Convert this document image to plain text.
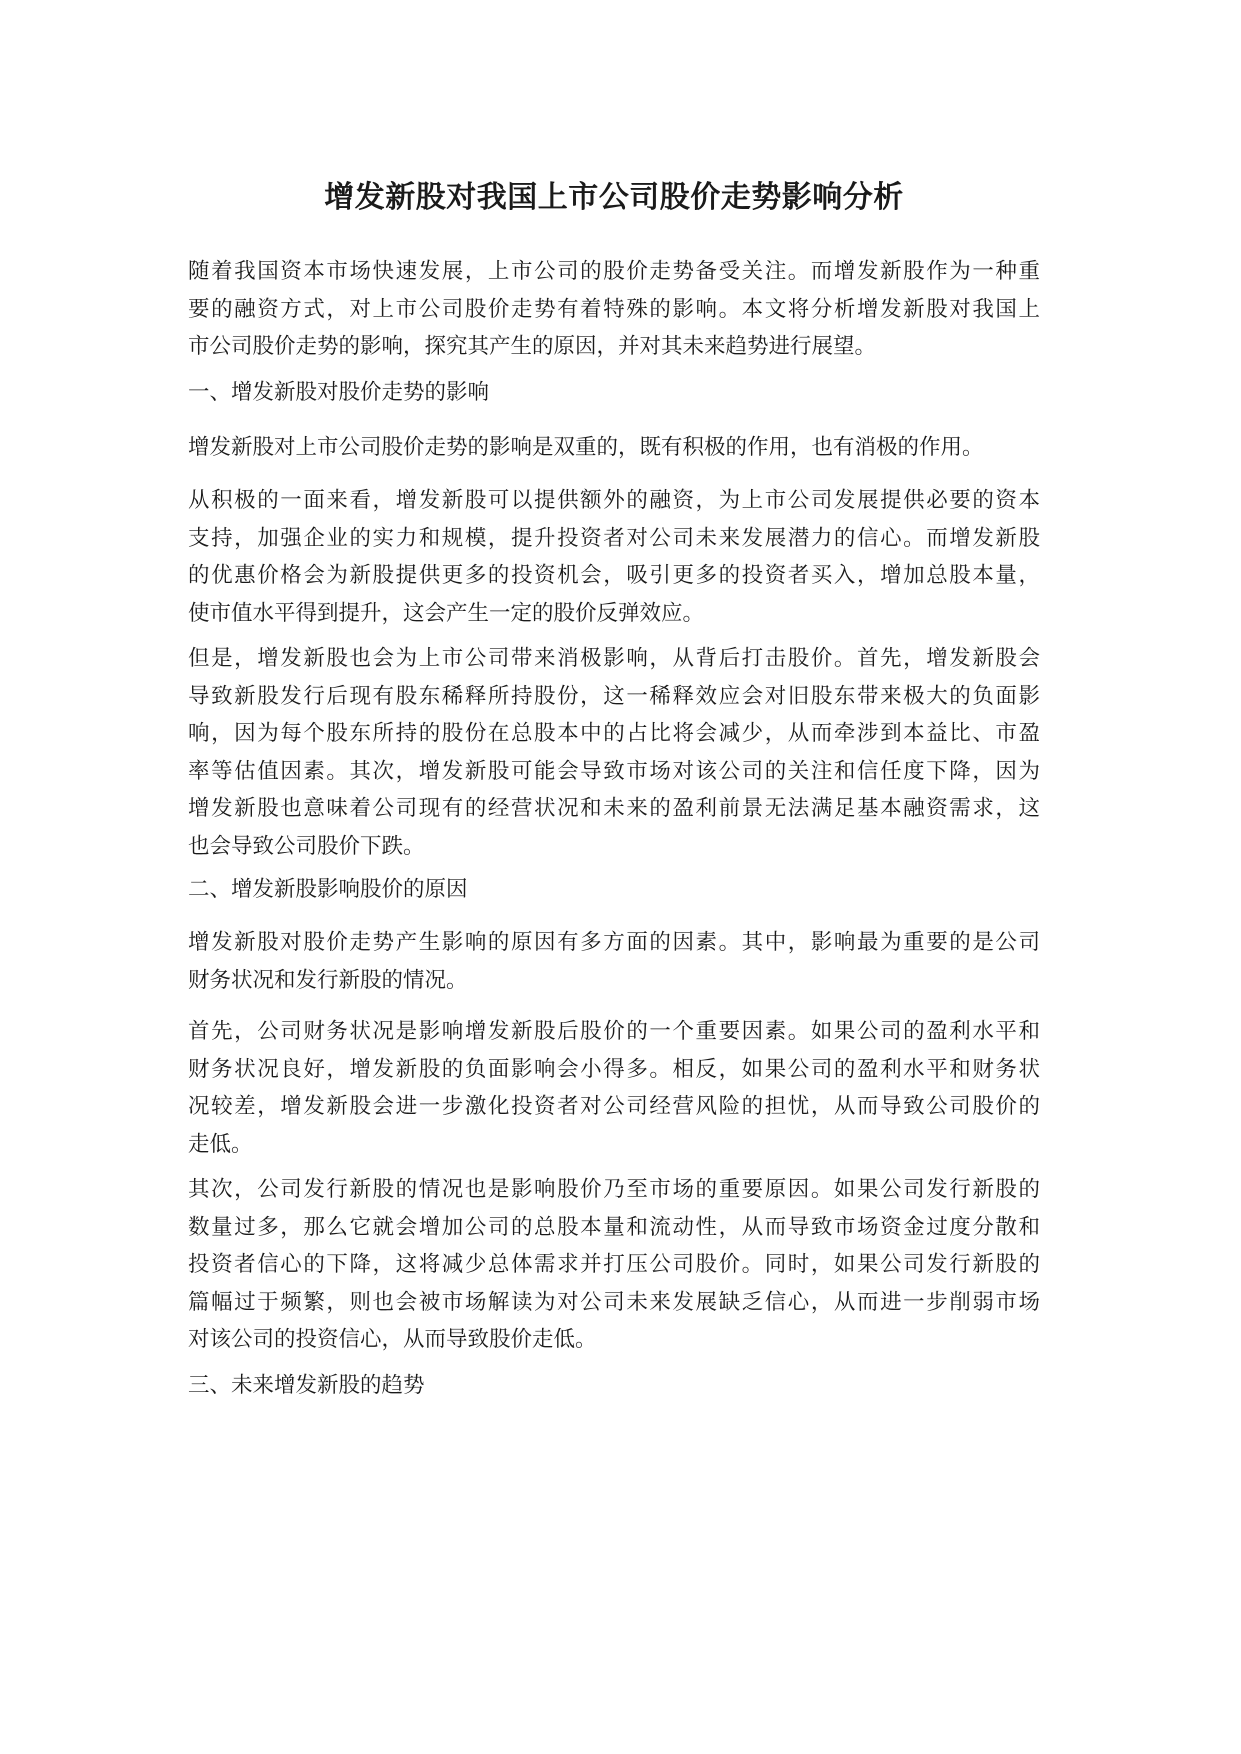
增发新股对我国上市公司股价走势影响分析
随着我国资本市场快速发展，上市公司的股价走势备受关注。而增发新股作为一种重
要的融资方式，对上市公司股价走势有着特殊的影响。本文将分析增发新股对我国上
市公司股价走势的影响，探究其产生的原因，并对其未来趋势进行展望。
一、增发新股对股价走势的影响
增发新股对上市公司股价走势的影响是双重的，既有积极的作用，也有消极的作用。
从积极的一面来看，增发新股可以提供额外的融资，为上市公司发展提供必要的资本
支持，加强企业的实力和规模，提升投资者对公司未来发展潜力的信心。而增发新股
的优惠价格会为新股提供更多的投资机会，吸引更多的投资者买入，增加总股本量，
使市值水平得到提升，这会产生一定的股价反弹效应。
但是，增发新股也会为上市公司带来消极影响，从背后打击股价。首先，增发新股会
导致新股发行后现有股东稀释所持股份，这一稀释效应会对旧股东带来极大的负面影
响，因为每个股东所持的股份在总股本中的占比将会减少，从而牵涉到本益比、市盈
率等估值因素。其次，增发新股可能会导致市场对该公司的关注和信任度下降，因为
增发新股也意味着公司现有的经营状况和未来的盈利前景无法满足基本融资需求，这
也会导致公司股价下跌。
二、增发新股影响股价的原因
增发新股对股价走势产生影响的原因有多方面的因素。其中，影响最为重要的是公司
财务状况和发行新股的情况。
首先，公司财务状况是影响增发新股后股价的一个重要因素。如果公司的盈利水平和
财务状况良好，增发新股的负面影响会小得多。相反，如果公司的盈利水平和财务状
况较差，增发新股会进一步激化投资者对公司经营风险的担忧，从而导致公司股价的
走低。
其次，公司发行新股的情况也是影响股价乃至市场的重要原因。如果公司发行新股的
数量过多，那么它就会增加公司的总股本量和流动性，从而导致市场资金过度分散和
投资者信心的下降，这将减少总体需求并打压公司股价。同时，如果公司发行新股的
篇幅过于频繁，则也会被市场解读为对公司未来发展缺乏信心，从而进一步削弱市场
对该公司的投资信心，从而导致股价走低。
三、未来增发新股的趋势
